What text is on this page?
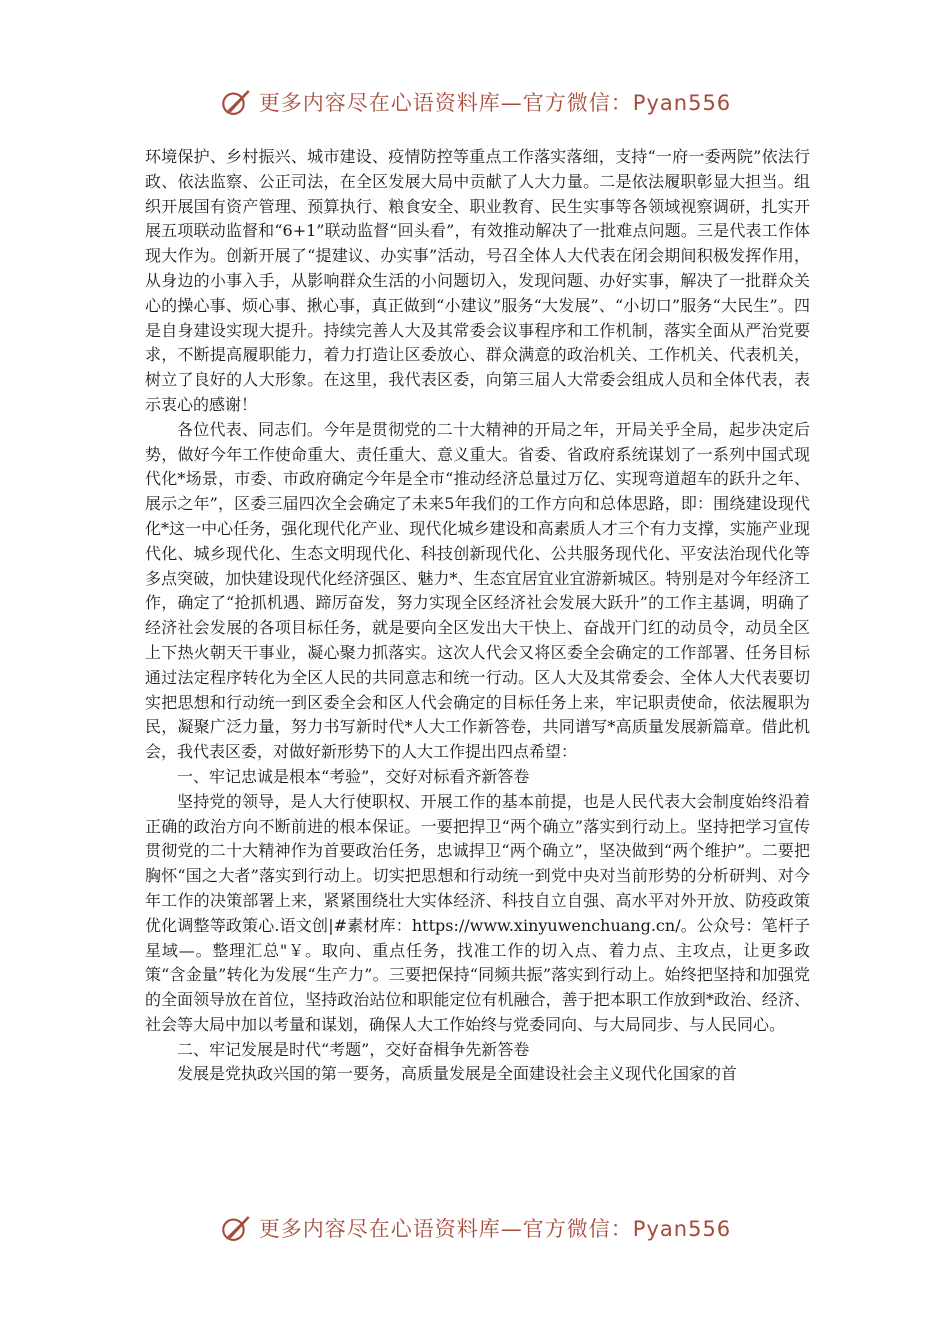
更多内容尽在心语资料库—官方微信：Pyan556

环境保护、乡村振兴、城市建设、疫情防控等重点工作落实落细，支持“一府一委两院”依法行政、依法监察、公正司法，在全区发展大局中贡献了人大力量。二是依法履职彰显大担当。组织开展国有资产管理、预算执行、粮食安全、职业教育、民生实事等各领域视察调研，扎实开展五项联动监督和“6+1”联动监督“回头看”，有效推动解决了一批难点问题。三是代表工作体现大作为。创新开展了“提建议、办实事”活动，号召全体人大代表在闭会期间积极发挥作用，从身边的小事入手，从影响群众生活的小问题切入，发现问题、办好实事，解决了一批群众关心的操心事、烦心事、揪心事，真正做到“小建议”服务“大发展”、“小切口”服务“大民生”。四是自身建设实现大提升。持续完善人大及其常委会议事程序和工作机制，落实全面从严治党要求，不断提高履职能力，着力打造让区委放心、群众满意的政治机关、工作机关、代表机关，树立了良好的人大形象。在这里，我代表区委，向第三届人大常委会组成人员和全体代表，表示衷心的感谢！

各位代表、同志们。今年是贯彻党的二十大精神的开局之年，开局关乎全局，起步决定后势，做好今年工作使命重大、责任重大、意义重大。省委、省政府系统谋划了一系列中国式现代化*场景，市委、市政府确定今年是全市“推动经济总量过万亿、实现弯道超车的跃升之年、展示之年”，区委三届四次全会确定了未来5年我们的工作方向和总体思路，即：围绕建设现代化*这一中心任务，强化现代化产业、现代化城乡建设和高素质人才三个有力支撑，实施产业现代化、城乡现代化、生态文明现代化、科技创新现代化、公共服务现代化、平安法治现代化等多点突破，加快建设现代化经济强区、魅力*、生态宜居宜业宜游新城区。特别是对今年经济工作，确定了“抢抓机遇、蹄厉奋发，努力实现全区经济社会发展大跃升”的工作主基调，明确了经济社会发展的各项目标任务，就是要向全区发出大干快上、奋战开门红的动员令，动员全区上下热火朝天干事业，凝心聚力抓落实。这次人代会又将区委全会确定的工作部署、任务目标通过法定程序转化为全区人民的共同意志和统一行动。区人大及其常委会、全体人大代表要切实把思想和行动统一到区委全会和区人代会确定的目标任务上来，牢记职责使命，依法履职为民，凝聚广泛力量，努力书写新时代*人大工作新答卷，共同谱写*高质量发展新篇章。借此机会，我代表区委，对做好新形势下的人大工作提出四点希望：

一、牢记忠诚是根本“考验”，交好对标看齐新答卷

坚持党的领导，是人大行使职权、开展工作的基本前提，也是人民代表大会制度始终沿着正确的政治方向不断前进的根本保证。一要把捍卫“两个确立”落实到行动上。坚持把学习宣传贯彻党的二十大精神作为首要政治任务，忠诚捍卫“两个确立”，坚决做到“两个维护”。二要把胸怀“国之大者”落实到行动上。切实把思想和行动统一到党中央对当前形势的分析研判、对今年工作的决策部署上来，紧紧围绕壮大实体经济、科技自立自强、高水平对外开放、防疫政策优化调整等政策心.语文创|#素材库：https://www.xinyuwenchuang.cn/。公众号：笔杆子星域—。整理汇总"￥。取向、重点任务，找准工作的切入点、着力点、主攻点，让更多政策“含金量”转化为发展“生产力”。三要把保持“同频共振”落实到行动上。始终把坚持和加强党的全面领导放在首位，坚持政治站位和职能定位有机融合，善于把本职工作放到*政治、经济、社会等大局中加以考量和谋划，确保人大工作始终与党委同向、与大局同步、与人民同心。

二、牢记发展是时代“考题”，交好奋楫争先新答卷

发展是党执政兴国的第一要务，高质量发展是全面建设社会主义现代化国家的首

更多内容尽在心语资料库—官方微信：Pyan556
